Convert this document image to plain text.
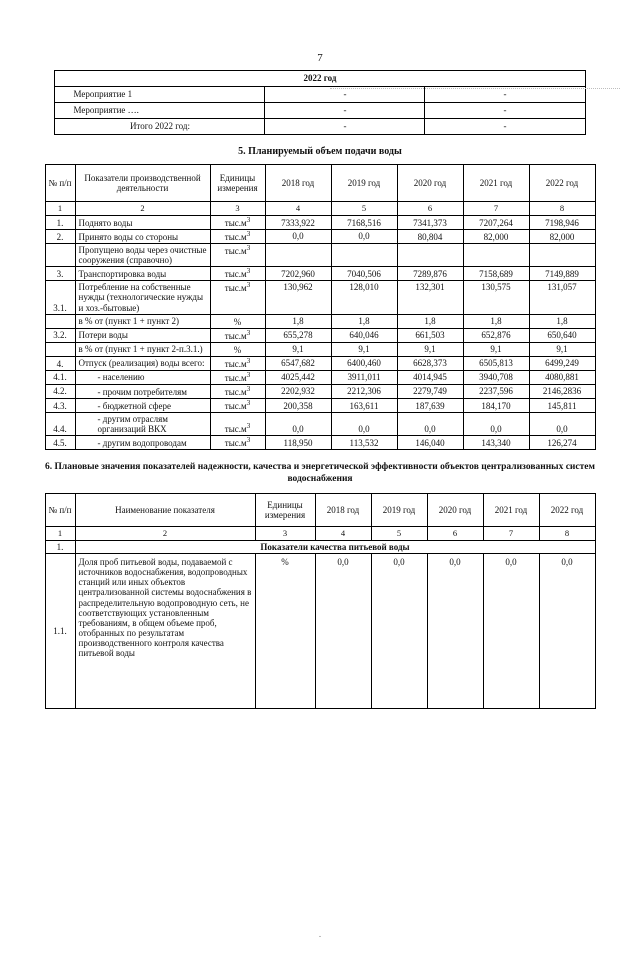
7
2022 год		
Мероприятие 1	-	-
Мероприятие ….	-	-
Итого 2022 год:	-	-
5. Планируемый объем подачи воды
№ п/п	Показатели производственной деятельности	Единицы измерения	2018 год	2019 год	2020 год	2021 год	2022 год
1	2	3	4	5	6	7	8
1.	Поднято воды	$тыс.м^3$	7333,922	7168,516	7341,373	7207,264	7198,946
2.	Принято воды со стороны	$тыс.м^3$	0,0	0,0	80,804	82,000	82,000
	Пропущено воды через очистные сооружения (справочно)	$тыс.м^3$					
3.	Транспортировка воды	$тыс.м^3$	7202,960	7040,506	7289,876	7158,689	7149,889
3.1.	Потребление на собственные нужды (технологические нужды и хоз.-бытовые)	$тыс.м^3$	130,962	128,010	132,301	130,575	131,057
	в % от (пункт 1 + пункт 2)	%	1,8	1,8	1,8	1,8	1,8
3.2.	Потери воды	$тыс.м^3$	655,278	640,046	661,503	652,876	650,640
	в % от (пункт 1 + пункт 2-п.3.1.)	%	9,1	9,1	9,1	9,1	9,1
4.	Отпуск (реализация) воды всего:	$тыс.м^3$	6547,682	6400,460	6628,373	6505,813	6499,249
4.1.	- населению	$тыс.м^3$	4025,442	3911,011	4014,945	3940,708	4080,881
4.2.	- прочим потребителям	$тыс.м^3$	2202,932	2212,306	2279,749	2237,596	2146,2836
4.3.	- бюджетной сфере	$тыс.м^3$	200,358	163,611	187,639	184,170	145,811
4.4.	- другим отраслям организаций ВКХ	$тыс.м^3$	0,0	0,0	0,0	0,0	0,0
4.5.	- другим водопроводам	$тыс.м^3$	118,950	113,532	146,040	143,340	126,274
6. Плановые значения показателей надежности, качества и энергетической эффективности объектов централизованных систем водоснабжения
№ п/п	Наименование показателя	Единицы измерения	2018 год	2019 год	2020 год	2021 год	2022 год
1	2	3	4	5	6	7	8
1.	Показатели качества питьевой воды						
1.1.	Доля проб питьевой воды, подаваемой с источников водоснабжения, водопроводных станций или иных объектов централизованной системы водоснабжения в распределительную водопроводную сеть, не соответствующих установленным требованиям, в общем объеме проб, отобранных по результатам производственного контроля качества питьевой воды	%	0,0	0,0	0,0	0,0	0,0
.
